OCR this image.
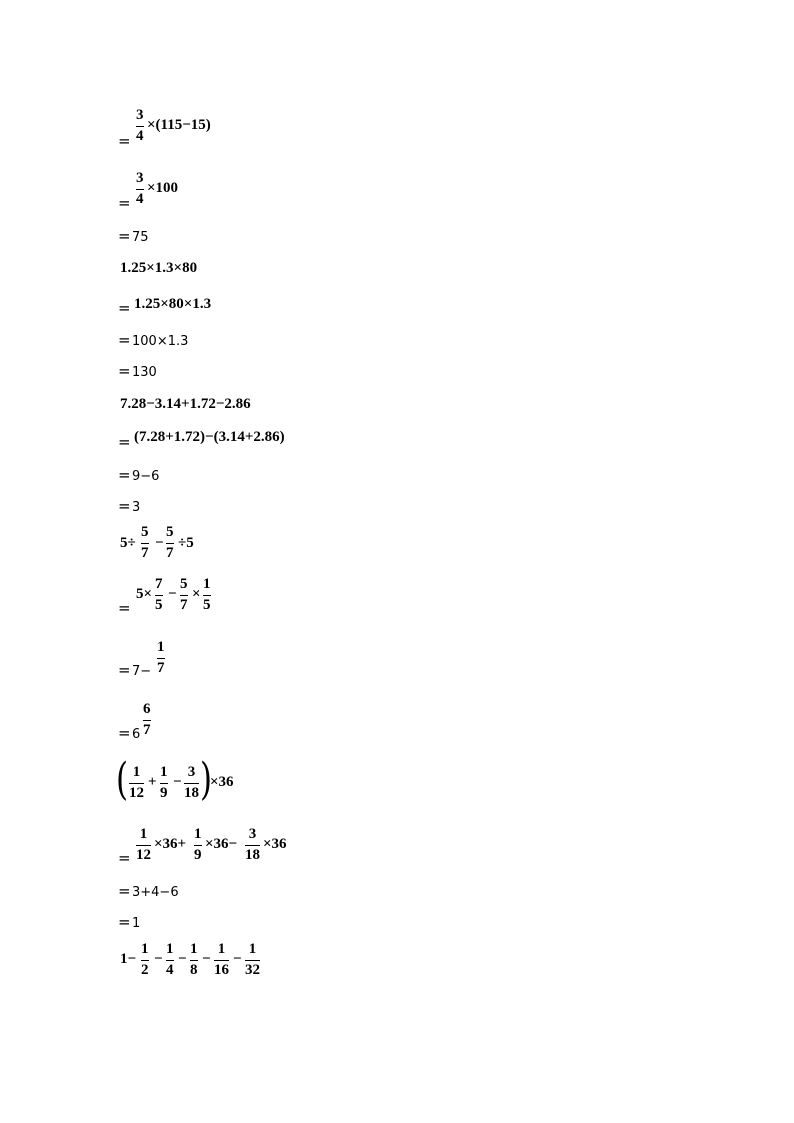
=
3
4
×(115−15)
=
3
4
×100
= 75
1.25×1.3×80
= 1.25×80×1.3
= 100×1.3
= 130
7.28−3.14+1.72−2.86
= (7.28+1.72)−(3.14+2.86)
= 9−6
= 3
5÷
5
7
−
5
7
÷5
=
5×
7
5
−
5
7
×
1
5
= 7−
1
7
= 6
6
7
( 1
12
+
1
9
−
3
18 )
×36
=
1
12
×36+
1
9
×36−
3
18
×36
= 3+4−6
= 1
1−
1
2
−
1
4
−
1
8
−
1
16
−
1
32
